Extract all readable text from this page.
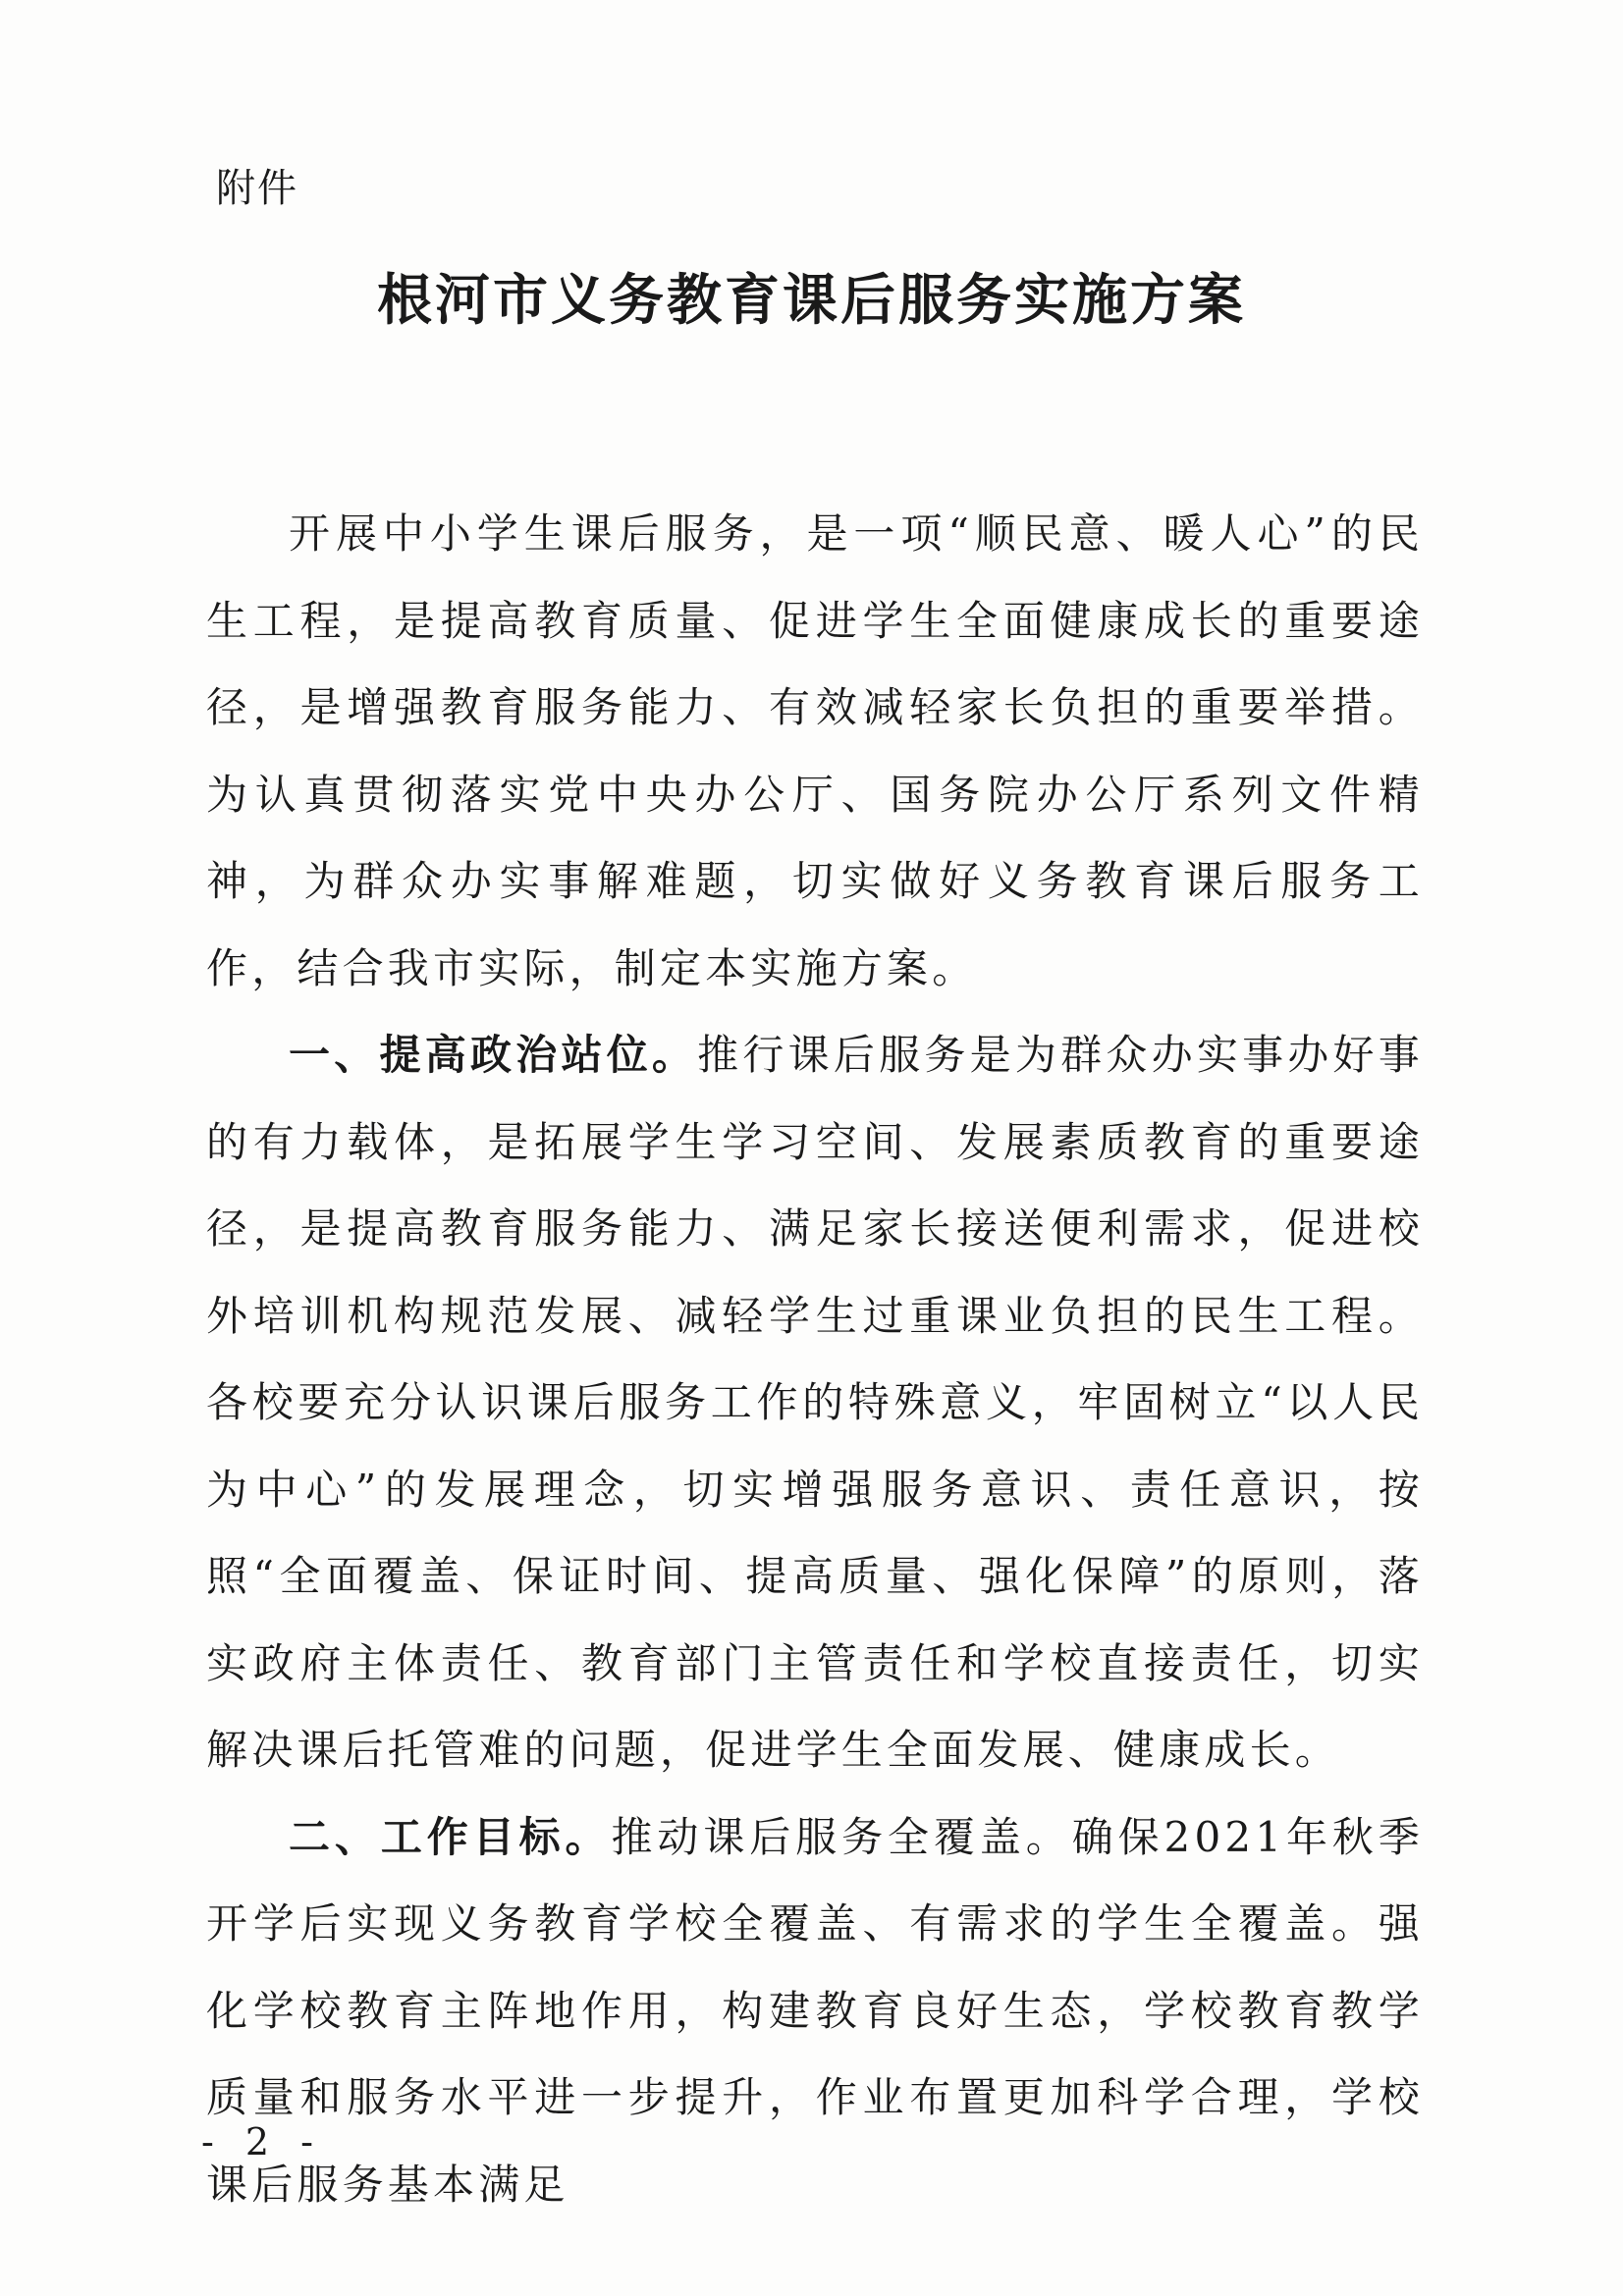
附件
根河市义务教育课后服务实施方案

开展中小学生课后服务，是一项“顺民意、暖人心”的民生工程，是提高教育质量、促进学生全面健康成长的重要途径，是增强教育服务能力、有效减轻家长负担的重要举措。为认真贯彻落实党中央办公厅、国务院办公厅系列文件精神，为群众办实事解难题，切实做好义务教育课后服务工作，结合我市实际，制定本实施方案。

一、提高政治站位。推行课后服务是为群众办实事办好事的有力载体，是拓展学生学习空间、发展素质教育的重要途径，是提高教育服务能力、满足家长接送便利需求，促进校外培训机构规范发展、减轻学生过重课业负担的民生工程。各校要充分认识课后服务工作的特殊意义，牢固树立“以人民为中心”的发展理念，切实增强服务意识、责任意识，按照“全面覆盖、保证时间、提高质量、强化保障”的原则，落实政府主体责任、教育部门主管责任和学校直接责任，切实解决课后托管难的问题，促进学生全面发展、健康成长。

二、工作目标。推动课后服务全覆盖。确保2021年秋季开学后实现义务教育学校全覆盖、有需求的学生全覆盖。强化学校教育主阵地作用，构建教育良好生态，学校教育教学质量和服务水平进一步提升，作业布置更加科学合理，学校课后服务基本满足

- 2 -
